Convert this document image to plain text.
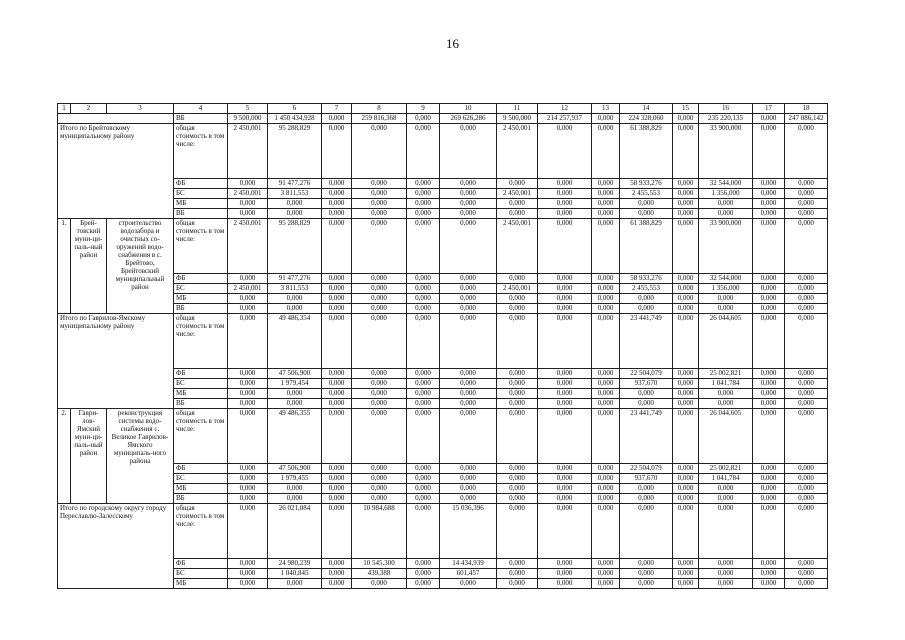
16
1	2	3	4	5	6	7	8	9	10	11	12	13	14	15	16	17	18
			ВБ	9 500,000	1 450 434,928	0,000	259 816,368	0,000	269 626,286	9 500,000	214 257,937	0,000	224 328,060	0,000	235 220,135	0,000	247 086,142
Итого по Брейтовскому муниципальному району			общая стоимость в том числе:	2 450,001	95 288,829	0,000	0,000	0,000	0,000	2 450,001	0,000	0,000	61 388,829	0,000	33 900,000	0,000	0,000
			ФБ	0,000	91 477,276	0,000	0,000	0,000	0,000	0,000	0,000	0,000	58 933,276	0,000	32 544,000	0,000	0,000
			БС	2 450,001	3 811,553	0,000	0,000	0,000	0,000	2 450,001	0,000	0,000	2 455,553	0,000	1 356,000	0,000	0,000
			МБ	0,000	0,000	0,000	0,000	0,000	0,000	0,000	0,000	0,000	0,000	0,000	0,000	0,000	0,000
			ВБ	0,000	0,000	0,000	0,000	0,000	0,000	0,000	0,000	0,000	0,000	0,000	0,000	0,000	0,000
1.	Брей-товский муни-ци-паль-ный район	строительство водозабора и очистных со-оружений водо-снабжения в с. Брейтово, Брейтовский муниципальный район	общая стоимость в том числе:	2 450,001	95 288,829	0,000	0,000	0,000	0,000	2 450,001	0,000	0,000	61 388,829	0,000	33 900,000	0,000	0,000
			ФБ	0,000	91 477,276	0,000	0,000	0,000	0,000	0,000	0,000	0,000	58 933,276	0,000	32 544,000	0,000	0,000
			БС	2 450,001	3 811,553	0,000	0,000	0,000	0,000	2 450,001	0,000	0,000	2 455,553	0,000	1 356,000	0,000	0,000
			МБ	0,000	0,000	0,000	0,000	0,000	0,000	0,000	0,000	0,000	0,000	0,000	0,000	0,000	0,000
			ВБ	0,000	0,000	0,000	0,000	0,000	0,000	0,000	0,000	0,000	0,000	0,000	0,000	0,000	0,000
Итого по Гаврилов-Ямскому муниципальному району			общая стоимость в том числе:	0,000	49 486,354	0,000	0,000	0,000	0,000	0,000	0,000	0,000	23 441,749	0,000	26 044,605	0,000	0,000
			ФБ	0,000	47 506,900	0,000	0,000	0,000	0,000	0,000	0,000	0,000	22 504,079	0,000	25 002,821	0,000	0,000
			БС	0,000	1 979,454	0,000	0,000	0,000	0,000	0,000	0,000	0,000	937,670	0,000	1 041,784	0,000	0,000
			МБ	0,000	0,000	0,000	0,000	0,000	0,000	0,000	0,000	0,000	0,000	0,000	0,000	0,000	0,000
			ВБ	0,000	0,000	0,000	0,000	0,000	0,000	0,000	0,000	0,000	0,000	0,000	0,000	0,000	0,000
2.	Гаври-лов-Ямский муни-ци-паль-ный район	реконструкция системы водо-снабжения с. Великое Гаврилов-Ямского муниципаль-ного района	общая стоимость в том числе:	0,000	49 486,355	0,000	0,000	0,000	0,000	0,000	0,000	0,000	23 441,749	0,000	26 044,605	0,000	0,000
			ФБ	0,000	47 506,900	0,000	0,000	0,000	0,000	0,000	0,000	0,000	22 504,079	0,000	25 002,821	0,000	0,000
			БС	0,000	1 979,455	0,000	0,000	0,000	0,000	0,000	0,000	0,000	937,670	0,000	1 041,784	0,000	0,000
			МБ	0,000	0,000	0,000	0,000	0,000	0,000	0,000	0,000	0,000	0,000	0,000	0,000	0,000	0,000
			ВБ	0,000	0,000	0,000	0,000	0,000	0,000	0,000	0,000	0,000	0,000	0,000	0,000	0,000	0,000
Итого по городскому округу городу Переславлю-Залесскому			общая стоимость в том числе:	0,000	26 021,084	0,000	10 984,688	0,000	15 036,396	0,000	0,000	0,000	0,000	0,000	0,000	0,000	0,000
			ФБ	0,000	24 980,239	0,000	10 545,300	0,000	14 434,939	0,000	0,000	0,000	0,000	0,000	0,000	0,000	0,000
			БС	0,000	1 040,845	0,000	439,388	0,000	601,457	0,000	0,000	0,000	0,000	0,000	0,000	0,000	0,000
			МБ	0,000	0,000	0,000	0,000	0,000	0,000	0,000	0,000	0,000	0,000	0,000	0,000	0,000	0,000
